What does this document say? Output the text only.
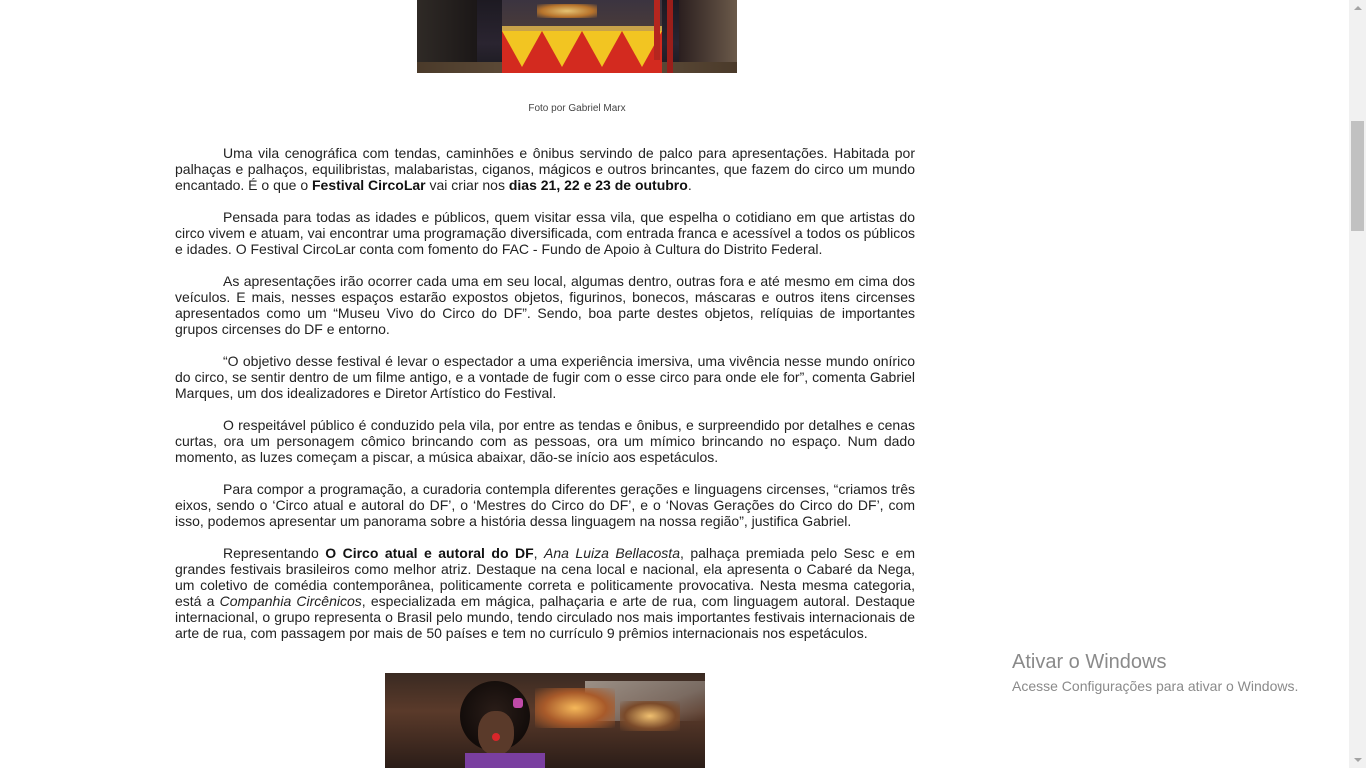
Foto por Gabriel Marx

Uma vila cenográfica com tendas, caminhões e ônibus servindo de palco para apresentações. Habitada por palhaças e palhaços, equilibristas, malabaristas, ciganos, mágicos e outros brincantes, que fazem do circo um mundo encantado. É o que o Festival CircoLar vai criar nos dias 21, 22 e 23 de outubro.

Pensada para todas as idades e públicos, quem visitar essa vila, que espelha o cotidiano em que artistas do circo vivem e atuam, vai encontrar uma programação diversificada, com entrada franca e acessível a todos os públicos e idades. O Festival CircoLar conta com fomento do FAC - Fundo de Apoio à Cultura do Distrito Federal.

As apresentações irão ocorrer cada uma em seu local, algumas dentro, outras fora e até mesmo em cima dos veículos. E mais, nesses espaços estarão expostos objetos, figurinos, bonecos, máscaras e outros itens circenses apresentados como um “Museu Vivo do Circo do DF”. Sendo, boa parte destes objetos, relíquias de importantes grupos circenses do DF e entorno.

“O objetivo desse festival é levar o espectador a uma experiência imersiva, uma vivência nesse mundo onírico do circo, se sentir dentro de um filme antigo, e a vontade de fugir com o esse circo para onde ele for”, comenta Gabriel Marques, um dos idealizadores e Diretor Artístico do Festival.

O respeitável público é conduzido pela vila, por entre as tendas e ônibus, e surpreendido por detalhes e cenas curtas, ora um personagem cômico brincando com as pessoas, ora um mímico brincando no espaço. Num dado momento, as luzes começam a piscar, a música abaixar, dão-se início aos espetáculos.

Para compor a programação, a curadoria contempla diferentes gerações e linguagens circenses, “criamos três eixos, sendo o ‘Circo atual e autoral do DF’, o ‘Mestres do Circo do DF’, e o ‘Novas Gerações do Circo do DF’, com isso, podemos apresentar um panorama sobre a história dessa linguagem na nossa região”, justifica Gabriel.

Representando O Circo atual e autoral do DF, Ana Luiza Bellacosta, palhaça premiada pelo Sesc e em grandes festivais brasileiros como melhor atriz. Destaque na cena local e nacional, ela apresenta o Cabaré da Nega, um coletivo de comédia contemporânea, politicamente correta e politicamente provocativa. Nesta mesma categoria, está a Companhia Circênicos, especializada em mágica, palhaçaria e arte de rua, com linguagem autoral. Destaque internacional, o grupo representa o Brasil pelo mundo, tendo circulado nos mais importantes festivais internacionais de arte de rua, com passagem por mais de 50 países e tem no currículo 9 prêmios internacionais nos espetáculos.

Ativar o Windows
Acesse Configurações para ativar o Windows.
